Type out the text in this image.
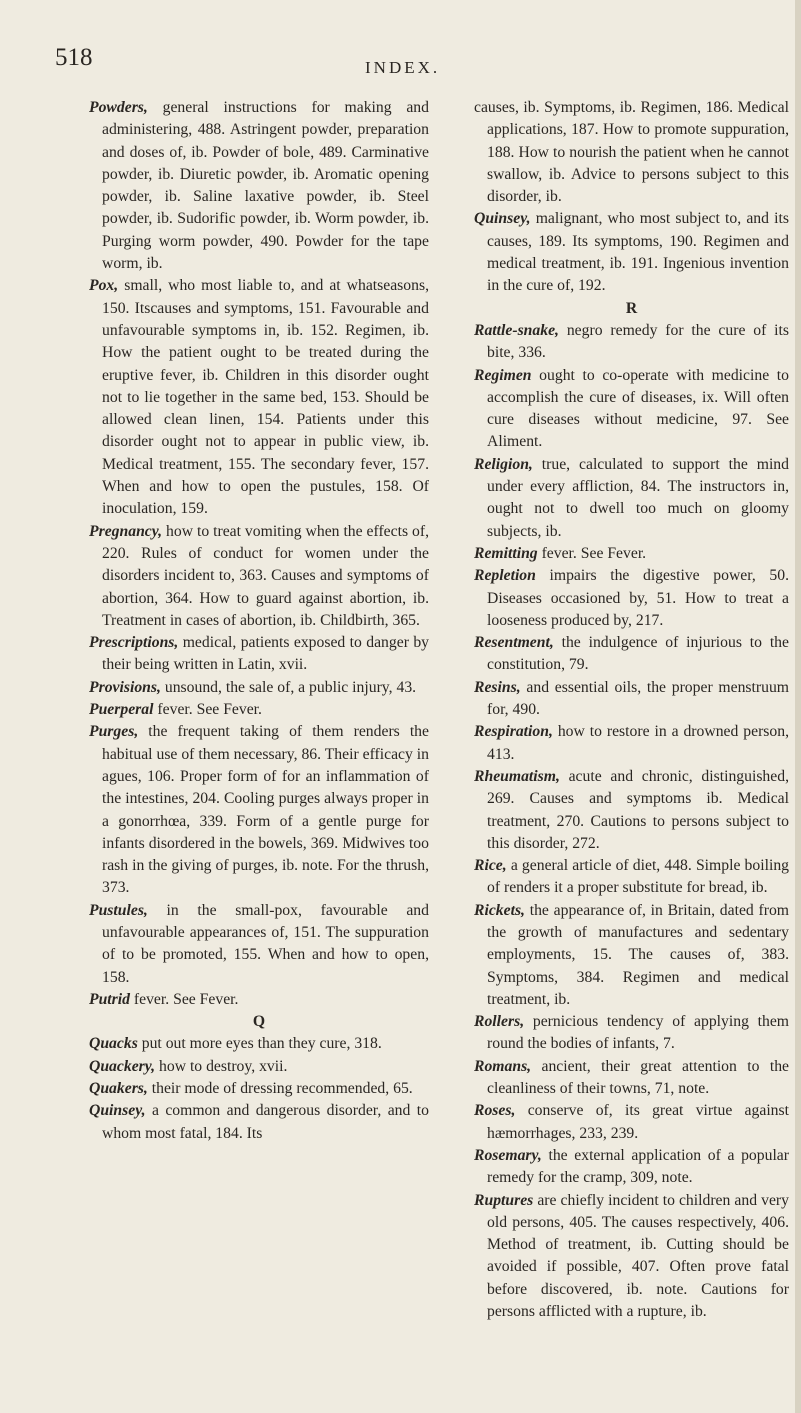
518	INDEX.

Powders, general instructions for making and administering, 488. Astringent powder, preparation and doses of, ib. Powder of bole, 489. Carminative powder, ib. Diuretic powder, ib. Aromatic opening powder, ib. Saline laxative powder, ib. Steel powder, ib. Sudorific powder, ib. Worm powder, ib. Purging worm powder, 490. Powder for the tape worm, ib.

Pox, small, who most liable to, and at whatseasons, 150. Itscauses and symptoms, 151. Favourable and unfavourable symptoms in, ib. 152. Regimen, ib. How the patient ought to be treated during the eruptive fever, ib. Children in this disorder ought not to lie together in the same bed, 153. Should be allowed clean linen, 154. Patients under this disorder ought not to appear in public view, ib. Medical treatment, 155. The secondary fever, 157. When and how to open the pustules, 158. Of inoculation, 159.

Pregnancy, how to treat vomiting when the effects of, 220. Rules of conduct for women under the disorders incident to, 363. Causes and symptoms of abortion, 364. How to guard against abortion, ib. Treatment in cases of abortion, ib. Childbirth, 365.

Prescriptions, medical, patients exposed to danger by their being written in Latin, xvii.

Provisions, unsound, the sale of, a public injury, 43.

Puerperal fever. See Fever.

Purges, the frequent taking of them renders the habitual use of them necessary, 86. Their efficacy in agues, 106. Proper form of for an inflammation of the intestines, 204. Cooling purges always proper in a gonorrhœa, 339. Form of a gentle purge for infants disordered in the bowels, 369. Midwives too rash in the giving of purges, ib. note. For the thrush, 373.

Pustules, in the small-pox, favourable and unfavourable appearances of, 151. The suppuration of to be promoted, 155. When and how to open, 158.

Putrid fever. See Fever.

Q

Quacks put out more eyes than they cure, 318.

Quackery, how to destroy, xvii.

Quakers, their mode of dressing recommended, 65.

Quinsey, a common and dangerous disorder, and to whom most fatal, 184. Its

causes, ib. Symptoms, ib. Regimen, 186. Medical applications, 187. How to promote suppuration, 188. How to nourish the patient when he cannot swallow, ib. Advice to persons subject to this disorder, ib.

Quinsey, malignant, who most subject to, and its causes, 189. Its symptoms, 190. Regimen and medical treatment, ib. 191. Ingenious invention in the cure of, 192.

R

Rattle-snake, negro remedy for the cure of its bite, 336.

Regimen ought to co-operate with medicine to accomplish the cure of diseases, ix. Will often cure diseases without medicine, 97. See Aliment.

Religion, true, calculated to support the mind under every affliction, 84. The instructors in, ought not to dwell too much on gloomy subjects, ib.

Remitting fever. See Fever.

Repletion impairs the digestive power, 50. Diseases occasioned by, 51. How to treat a looseness produced by, 217.

Resentment, the indulgence of injurious to the constitution, 79.

Resins, and essential oils, the proper menstruum for, 490.

Respiration, how to restore in a drowned person, 413.

Rheumatism, acute and chronic, distinguished, 269. Causes and symptoms ib. Medical treatment, 270. Cautions to persons subject to this disorder, 272.

Rice, a general article of diet, 448. Simple boiling of renders it a proper substitute for bread, ib.

Rickets, the appearance of, in Britain, dated from the growth of manufactures and sedentary employments, 15. The causes of, 383. Symptoms, 384. Regimen and medical treatment, ib.

Rollers, pernicious tendency of applying them round the bodies of infants, 7.

Romans, ancient, their great attention to the cleanliness of their towns, 71, note.

Roses, conserve of, its great virtue against hæmorrhages, 233, 239.

Rosemary, the external application of a popular remedy for the cramp, 309, note.

Ruptures are chiefly incident to children and very old persons, 405. The causes respectively, 406. Method of treatment, ib. Cutting should be avoided if possible, 407. Often prove fatal before discovered, ib. note. Cautions for persons afflicted with a rupture, ib.
